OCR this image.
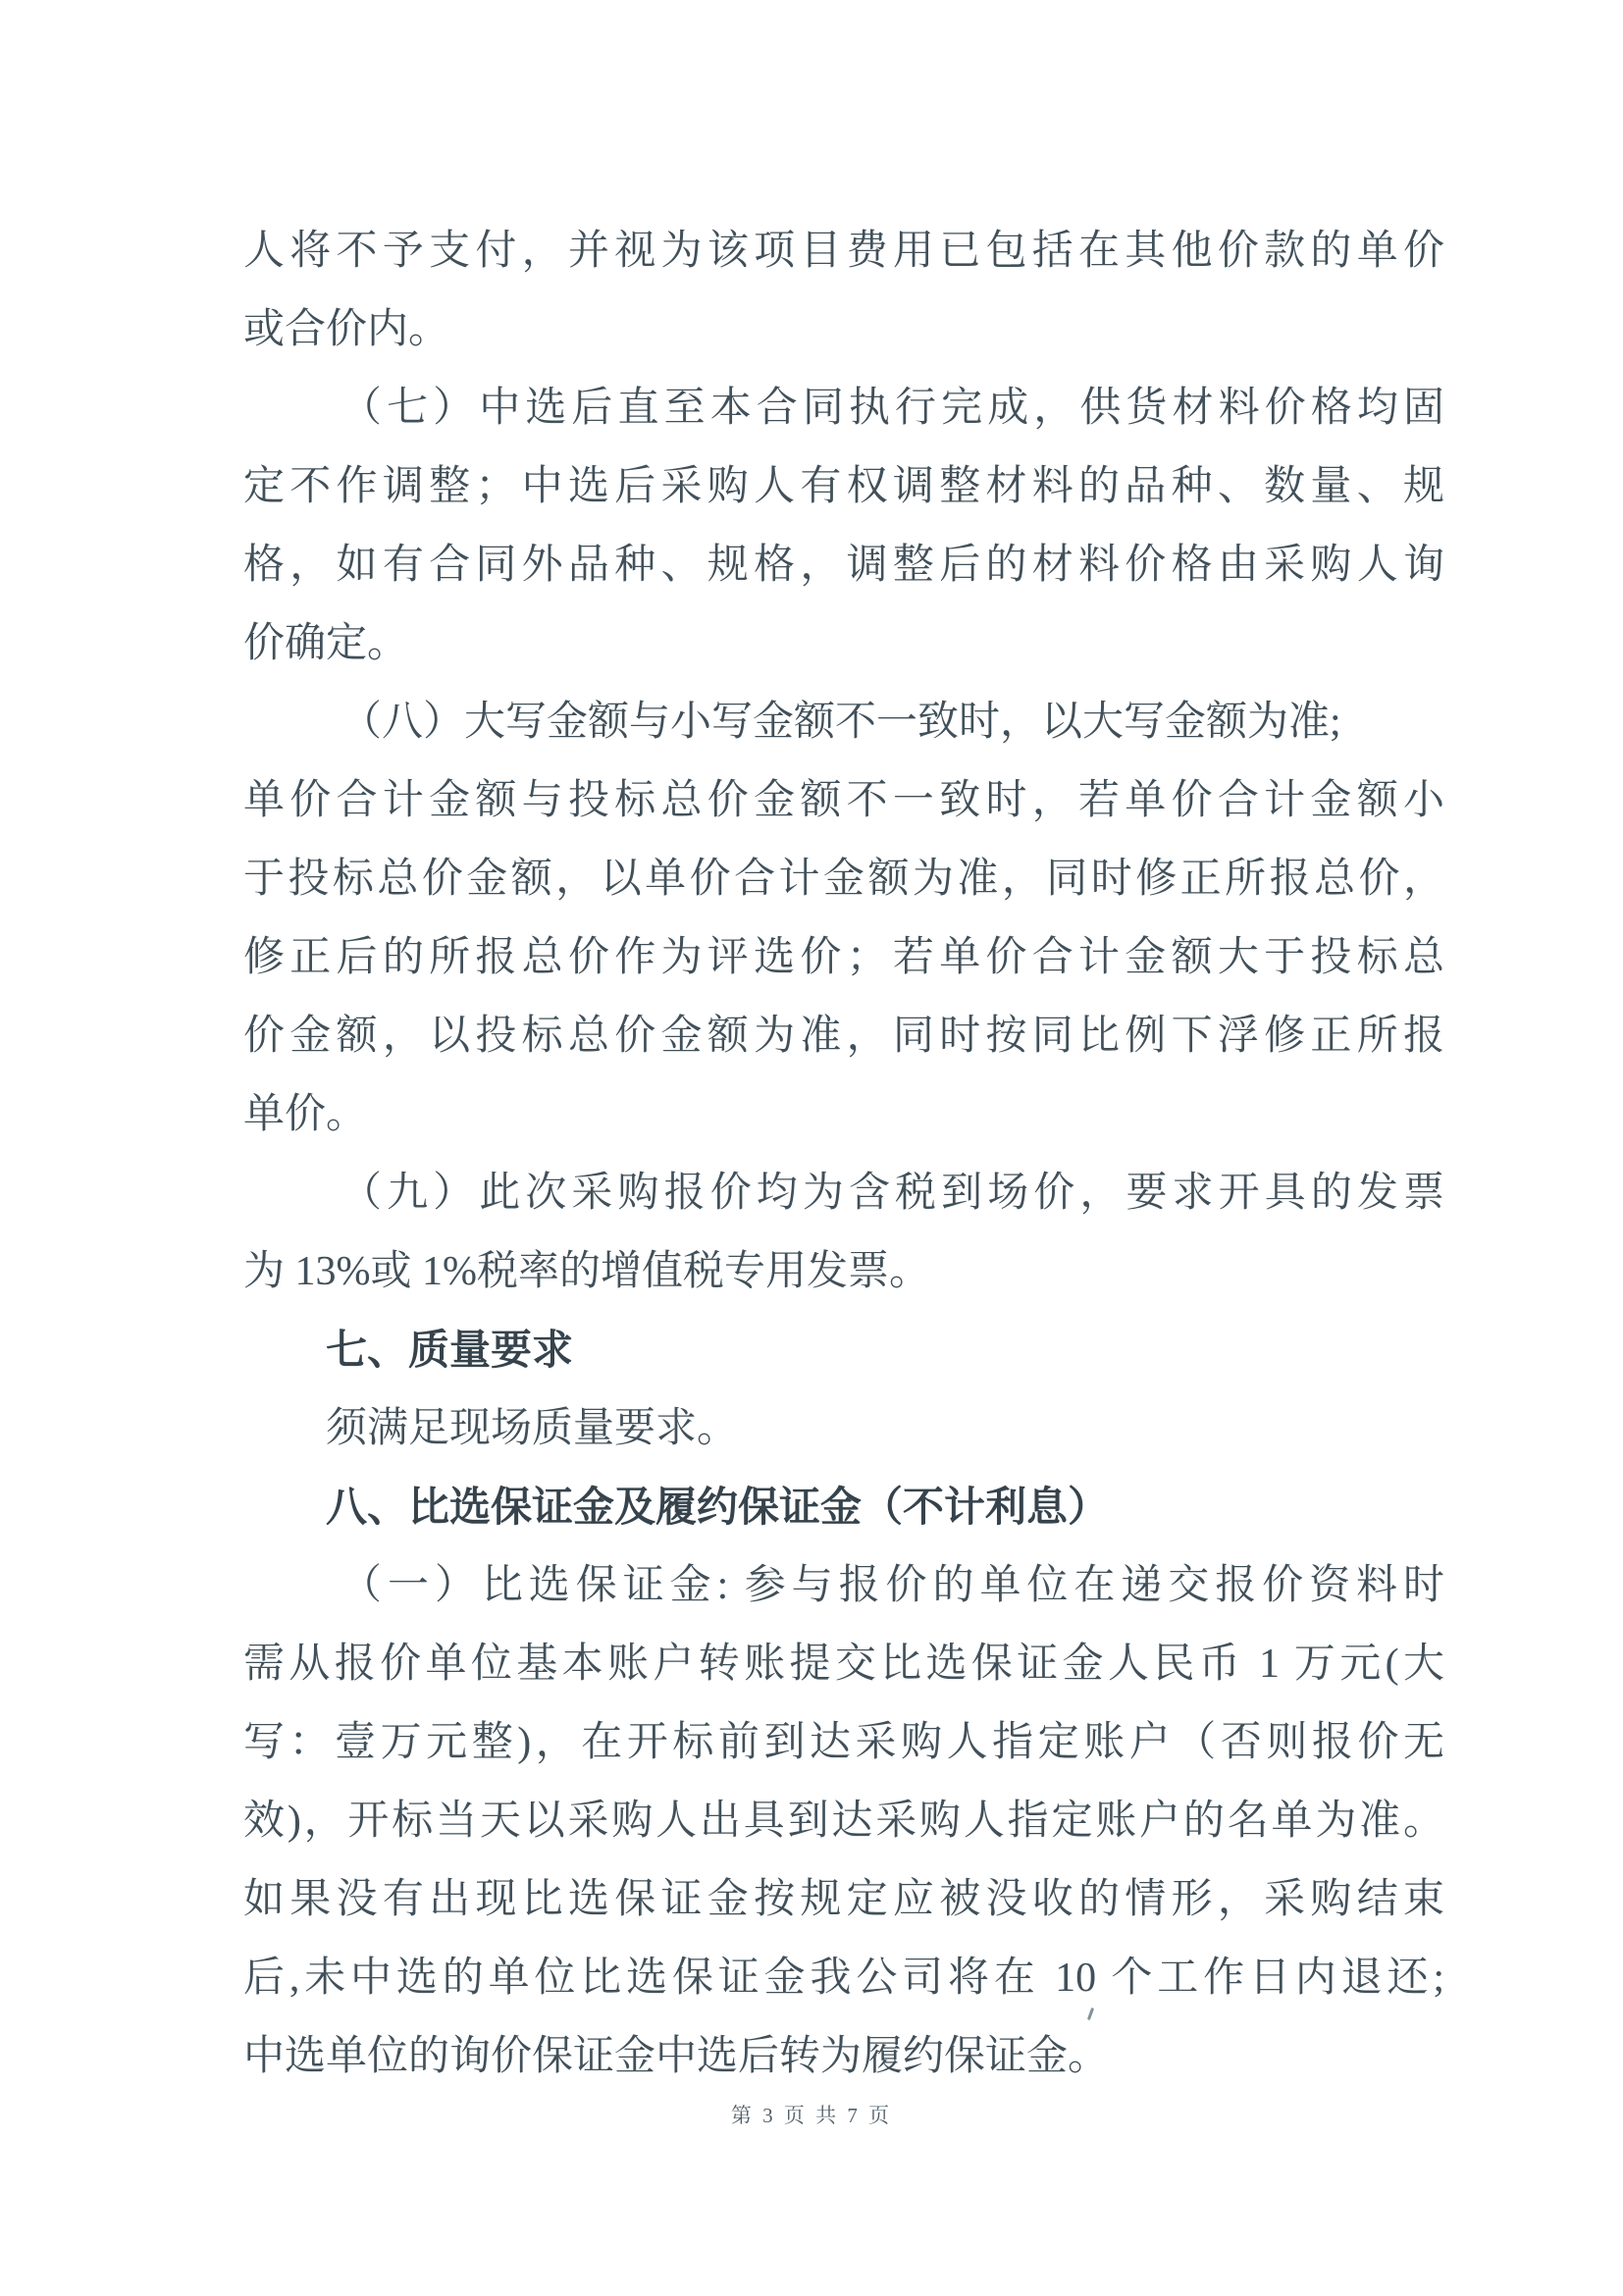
人将不予支付，并视为该项目费用已包括在其他价款的单价
或合价内。
（七）中选后直至本合同执行完成，供货材料价格均固
定不作调整；中选后采购人有权调整材料的品种、数量、规
格，如有合同外品种、规格，调整后的材料价格由采购人询
价确定。
（八）大写金额与小写金额不一致时，以大写金额为准;
单价合计金额与投标总价金额不一致时，若单价合计金额小
于投标总价金额，以单价合计金额为准，同时修正所报总价，
修正后的所报总价作为评选价；若单价合计金额大于投标总
价金额，以投标总价金额为准，同时按同比例下浮修正所报
单价。
（九）此次采购报价均为含税到场价，要求开具的发票
为 13%或 1%税率的增值税专用发票。
七、质量要求
须满足现场质量要求。
八、比选保证金及履约保证金（不计利息）
（一）比选保证金: 参与报价的单位在递交报价资料时
需从报价单位基本账户转账提交比选保证金人民币 1 万元(大
写：壹万元整)，在开标前到达采购人指定账户（否则报价无
效)，开标当天以采购人出具到达采购人指定账户的名单为准。
如果没有出现比选保证金按规定应被没收的情形，采购结束
后,未中选的单位比选保证金我公司将在 10 个工作日内退还;
中选单位的询价保证金中选后转为履约保证金。
第 3 页 共 7 页
